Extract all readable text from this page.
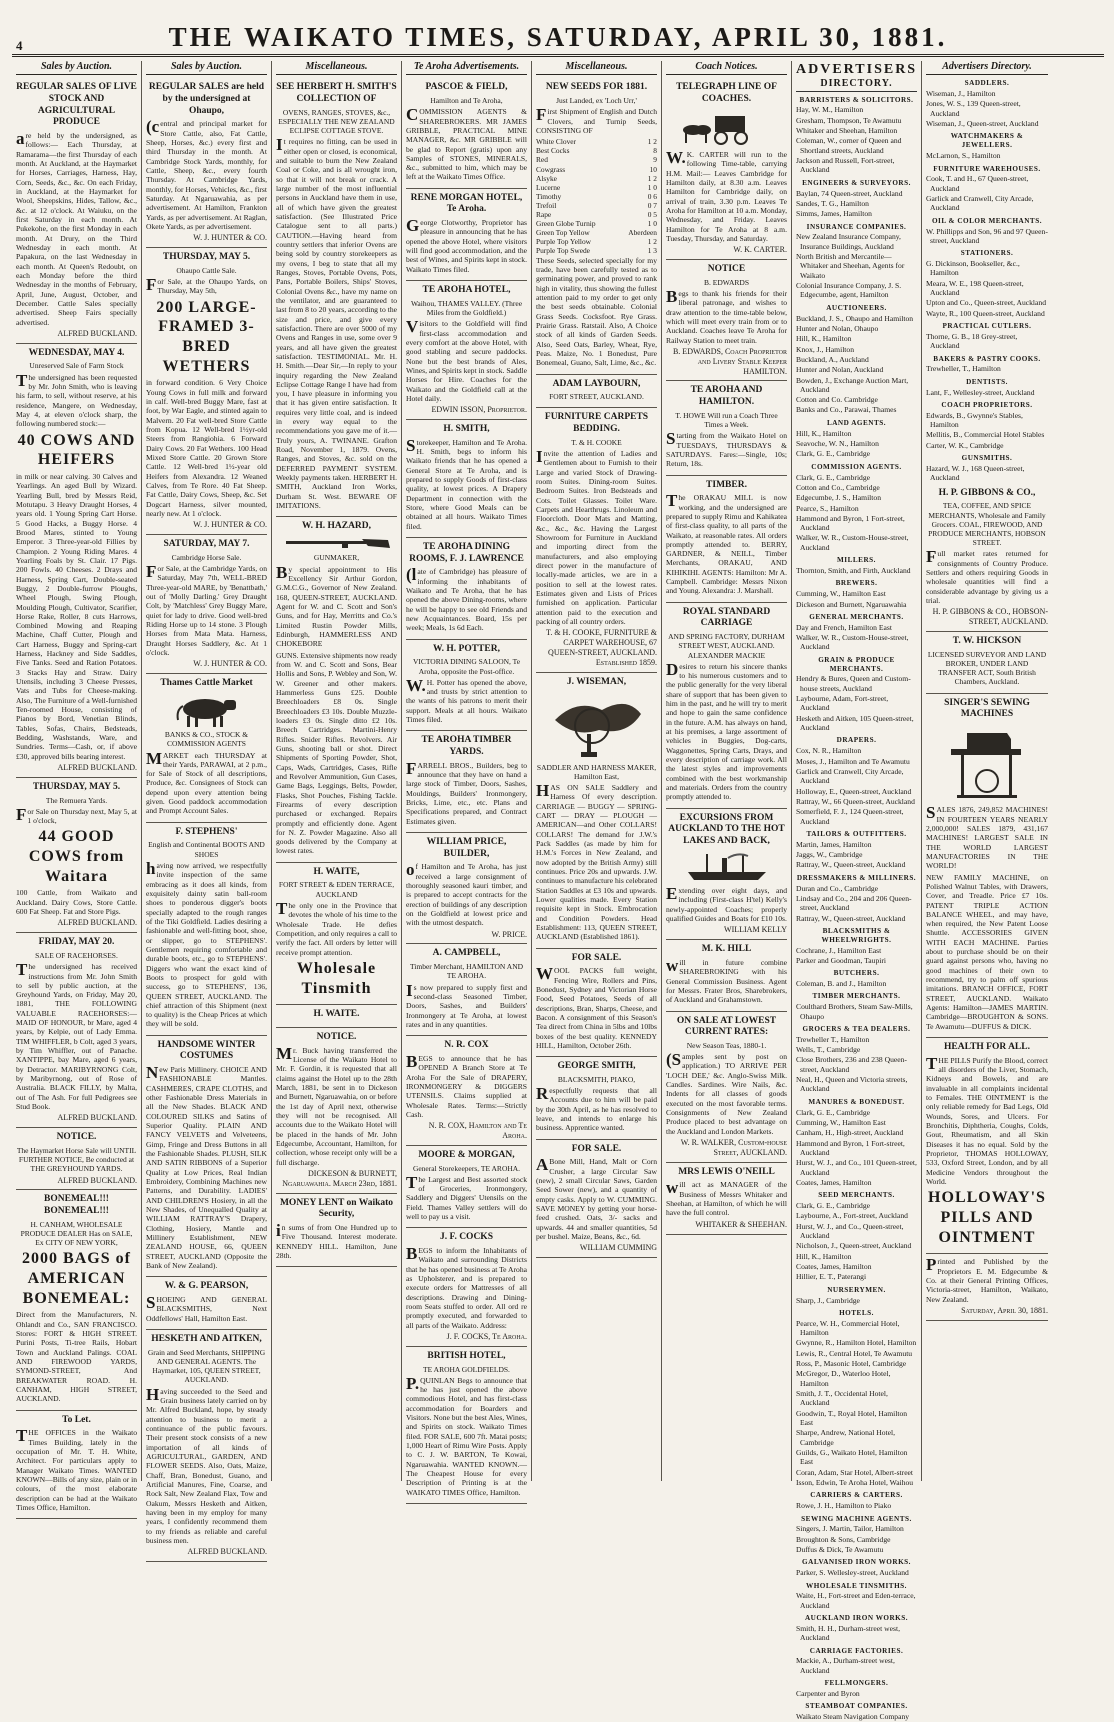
4	THE WAIKATO TIMES, SATURDAY, APRIL 30, 1881.
Sales by Auction.
REGULAR SALES OF LIVE STOCK AND AGRICULTURAL PRODUCE

are held by the undersigned, as follows:— Each Thursday, at Ramarama—the first Thursday of each month. At Auckland, at the Haymarket for Horses, Carriages, Harness, Hay, Corn, Seeds, &c., &c. On each Friday, in Auckland, at the Haymarket for Wool, Sheepskins, Hides, Tallow, &c., &c. at 12 o'clock. At Waiuku, on the first Saturday in each month. At Pukekohe, on the first Monday in each month. At Drury, on the Third Wednesday in each month. At Papakura, on the last Wednesday in each month. At Queen's Redoubt, on each Monday before the third Wednesday in the months of February, April, June, August, October, and December. Cattle Sales specially advertised. Sheep Fairs specially advertised.

ALFRED BUCKLAND.
WEDNESDAY, MAY 4.
Unreserved Sale of Farm Stock

The undersigned has been requested by Mr. John Smith, who is leaving his farm, to sell, without reserve, at his residence, Mangere, on Wednesday, May 4, at eleven o'clock sharp, the following numbered stock:—

40 COWS AND HEIFERS

in milk or near calving. 30 Calves and Yearlings. An aged Bull by Wizard. Yearling Bull, bred by Messrs Reid, Motutapu. 3 Heavy Draught Horses, 4 years old. 1 Young Spring Cart Horse. 5 Good Hacks, a Buggy Horse. 4 Brood Mares, stinted to Young Emperor. 3 Three-year-old Fillies by Champion. 2 Young Riding Mares. 4 Yearling Foals by St. Clair. 17 Pigs. 200 Fowls. 40 Cheeses. 2 Drays and Harness, Spring Cart, Double-seated Buggy, 2 Double-furrow Ploughs, Wheel Plough, Swing Plough, Moulding Plough, Cultivator, Scarifier, Horse Rake, Roller, 8 cuts Harrows, Combined Mowing and Reaping Machine, Chaff Cutter, Plough and Cart Harness, Buggy and Spring-cart Harness, Hackney and Side Saddles, Five Tanks. Seed and Ration Potatoes. 3 Stacks Hay and Straw. Dairy Utensils, including 3 Cheese Presses, Vats and Tubs for Cheese-making. Also, The Furniture of a Well-furnished Ten-roomed House, consisting of Pianos by Bord, Venetian Blinds, Tables, Sofas, Chairs, Bedsteads, Bedding, Washstands, Ware, and Sundries. Terms—Cash, or, if above £30, approved bills bearing interest.

ALFRED BUCKLAND.
THURSDAY, MAY 5.
The Remuera Yards.

For Sale on Thursday next, May 5, at 1 o'clock,

44 GOOD COWS from Waitara

100 Cattle, from Waikato and Auckland. Dairy Cows, Store Cattle. 600 Fat Sheep. Fat and Store Pigs.

ALFRED BUCKLAND.
FRIDAY, MAY 20.
SALE OF RACEHORSES.

The undersigned has received instructions from Mr. John Smith to sell by public auction, at the Greyhound Yards, on Friday, May 20, 1881, THE FOLLOWING VALUABLE RACEHORSES:— MAID OF HONOUR, br Mare, aged 4 years, by Kelpie, out of Lady Emma. TIM WHIFFLER, b Colt, aged 3 years, by Tim Whiffler, out of Panache. XANTIPPE, bay Mare, aged 6 years, by Detractor. MARIBYRNONG Colt, by Maribyrnong, out of Rose of Australia. BLACK FILLY, by Malta, out of The Ash. For full Pedigrees see Stud Book.

ALFRED BUCKLAND.
NOTICE.
The Haymarket Horse Sale will UNTIL FURTHER NOTICE, Be conducted at THE GREYHOUND YARDS.
ALFRED BUCKLAND.
BONEMEAL!!! BONEMEAL!!!
H. CANHAM, WHOLESALE PRODUCE DEALER Has on SALE, Ex CITY OF NEW YORK,
2000 BAGS of AMERICAN BONEMEAL:

Direct from the Manufacturers, N. Ohlandt and Co., SAN FRANCISCO. Stores: FORT & HIGH STREET. Purini Posts, Ti-tree Rails, Hobart Town and Auckland Palings. COAL AND FIREWOOD YARDS, SYMOND-STREET, And BREAKWATER ROAD. H. CANHAM, HIGH STREET, AUCKLAND.

To Let.

THE OFFICES in the Waikato Times Building, lately in the occupation of Mr. T. H. White, Architect. For particulars apply to Manager Waikato Times. WANTED KNOWN—Bills of any size, plain or in colours, of the most elaborate description can be had at the Waikato Times Office, Hamilton.

Sales by Auction.
REGULAR SALES are held by the undersigned at Ohaupo,

(central and principal market for Store Cattle, also, Fat Cattle, Sheep, Horses, &c.) every first and third Thursday in the month. At Cambridge Stock Yards, monthly, for Cattle, Sheep, &c., every fourth Thursday. At Cambridge Yards, monthly, for Horses, Vehicles, &c., first Saturday. At Ngaruawahia, as per advertisement. At Hamilton, Frankton Yards, as per advertisement. At Raglan, Okete Yards, as per advertisement.

W. J. HUNTER & CO.
THURSDAY, MAY 5.
Ohaupo Cattle Sale.

For Sale, at the Ohaupo Yards, on Thursday, May 5th,

200 LARGE-FRAMED 3-BRED WETHERS

in forward condition. 6 Very Choice Young Cows in full milk and forward in calf. Well-bred Buggy Mare, fast at foot, by War Eagle, and stinted again to Malvern. 20 Fat well-bred Store Cattle from Kopua. 12 Well-bred 1½yr-old Steers from Rangiohia. 6 Forward Dairy Cows. 20 Fat Wethers. 100 Head Mixed Store Cattle. 20 Grown Store Cattle. 12 Well-bred 1½-year old Heifers from Alexandra. 12 Weaned Calves, from Te Rore. 40 Fat Sheep. Fat Cattle, Dairy Cows, Sheep, &c. Set Dogcart Harness, silver mounted, nearly new. At 1 o'clock.

W. J. HUNTER & CO.
SATURDAY, MAY 7.
Cambridge Horse Sale.

For Sale, at the Cambridge Yards, on Saturday, May 7th, WELL-BRED Three-year-old MARE, by 'Benattbath,' out of 'Molly Darling.' Grey Draught Colt, by 'Matchless' Grey Buggy Mare, quiet for lady to drive. Good well-bred Riding Horse up to 14 stone. 3 Plough Horses from Mata Mata. Harness, Draught Horses Saddlery, &c. At 1 o'clock.

W. J. HUNTER & CO.
Thames Cattle Market
BANKS & CO., STOCK & COMMISSION AGENTS

MARKET each THURSDAY at their Yards, PARAWAI, at 2 p.m., for Sale of Stock of all descriptions, Produce, &c. Consignees of Stock can depend upon every attention being given. Good paddock accommodation and Prompt Account Sales.

F. STEPHENS'
English and Continental BOOTS AND SHOES

having now arrived, we respectfully invite inspection of the same embracing as it does all kinds, from exquisitely dainty satin ball-room shoes to ponderous digger's boots specially adapted to the rough ranges of the Tiki Goldfield. Ladies desiring a fashionable and well-fitting boot, shoe, or slipper, go to STEPHENS'. Gentlemen requiring comfortable and durable boots, etc., go to STEPHENS'. Diggers who want the exact kind of Boots to prospect for gold with success, go to STEPHENS', 136, QUEEN STREET, AUCKLAND. The chief attraction of this Shipment (next to quality) is the Cheap Prices at which they will be sold.

HANDSOME WINTER COSTUMES

New Paris Millinery. CHOICE AND FASHIONABLE Mantles. CASHMERES, CRAPE CLOTHS, and other Fashionable Dress Materials in all the New Shades. BLACK AND COLOURED SILKS and Satins of Superior Quality. PLAIN AND FANCY VELVETS and Velveteens, Gimp, Fringe and Dress Buttons in all the Fashionable Shades. PLUSH, SILK AND SATIN RIBBONS of a Superior Quality at Low Prices, Real Indian Embroidery, Combining Machines new Patterns, and Durability. LADIES' AND CHILDREN'S Hosiery, in all the New Shades, of Unequalled Quality at WILLIAM RATTRAY'S Drapery, Clothing, Hosiery, Mantle and Millinery Establishment, NEW ZEALAND HOUSE, 66, QUEEN STREET, AUCKLAND (Opposite the Bank of New Zealand).

W. & G. PEARSON,

SHOEING AND GENERAL BLACKSMITHS, Next Oddfellows' Hall, Hamilton East.

HESKETH AND AITKEN,
Grain and Seed Merchants, SHIPPING AND GENERAL AGENTS. The Haymarket, 105, QUEEN STREET, AUCKLAND.

Having succeeded to the Seed and Grain business lately carried on by Mr. Alfred Buckland, hope, by steady attention to business to merit a continuance of the public favours. Their present stock consists of a new importation of all kinds of AGRICULTURAL, GARDEN, AND FLOWER SEEDS. Also, Oats, Maize, Chaff, Bran, Bonedust, Guano, and Artificial Manures, Fine, Coarse, and Rock Salt, New Zealand Flax, Tow and Oakum, Messrs Hesketh and Aitken, having been in my employ for many years, I confidently recommend them to my friends as reliable and careful business men.

ALFRED BUCKLAND.
Miscellaneous.
SEE HERBERT H. SMITH'S COLLECTION OF
OVENS, RANGES, STOVES, &c., ESPECIALLY THE NEW ZEALAND ECLIPSE COTTAGE STOVE.

It requires no fitting, can be used in either open or closed, is economical, and suitable to burn the New Zealand Coal or Coke, and is all wrought iron, so that it will not break or crack. A large number of the most influential persons in Auckland have them in use, all of which have given the greatest satisfaction. (See Illustrated Price Catalogue sent to all parts.) CAUTION.—Having heard from country settlers that inferior Ovens are being sold by country storekeepers as my ovens, I beg to state that all my Ranges, Stoves, Portable Ovens, Pots, Pans, Portable Boilers, Ships' Stoves, Colonial Ovens &c., have my name on the ventilator, and are guaranteed to last from 8 to 20 years, according to the size and price, and give every satisfaction. There are over 5000 of my Ovens and Ranges in use, some over 9 years, and all have given the greatest satisfaction. TESTIMONIAL. Mr. H. H. Smith.—Dear Sir,—In reply to your inquiry regarding the New Zealand Eclipse Cottage Range I have had from you, I have pleasure in informing you that it has given entire satisfaction. It requires very little coal, and is indeed in every way equal to the recommendations you gave me of it.—Truly yours, A. TWINANE. Grafton Road, November 1, 1879. Ovens, Ranges, and Stoves, &c. sold on the DEFERRED PAYMENT SYSTEM. Weekly payments taken. HERBERT H. SMITH, Auckland Iron Works, Durham St. West. BEWARE OF IMITATIONS.

W. H. HAZARD,
GUNMAKER,

By special appointment to His Excellency Sir Arthur Gordon, G.M.C.G., Governor of New Zealand. 168, QUEEN-STREET, AUCKLAND. Agent for W. and C. Scott and Son's Guns, and for Hay, Merritts and Co.'s Limited Rustin Powder Mills, Edinburgh, HAMMERLESS AND CHOKEBORE

GUNS. Extensive shipments now ready from W. and C. Scott and Sons, Bear Hollis and Sons, P. Webley and Son, W. W. Greener and other makers. Hammerless Guns £25. Double Breechloaders £8 0s. Single Breechloaders £3 10s. Double Muzzle-loaders £3 0s. Single ditto £2 10s. Breech Cartridges. Martini-Henry Rifles. Snider Rifles. Revolvers. Air Guns, shooting ball or shot. Direct Shipments of Sporting Powder, Shot, Caps, Wads, Cartridges, Cases, Rifle and Revolver Ammunition, Gun Cases, Game Bags, Leggings, Belts, Powder, Flasks, Shot Pouches, Fishing Tackle. Firearms of every description purchased or exchanged. Repairs promptly and efficiently done. Agent for N. Z. Powder Magazine. Also all goods delivered by the Company at lowest rates.

H. WAITE,
FORT STREET & EDEN TERRACE, AUCKLAND

The only one in the Province that devotes the whole of his time to the Wholesale Trade. He defies Competition, and only requires a call to verify the fact. All orders by letter will receive prompt attention.

Wholesale Tinsmith
H. WAITE.
NOTICE.

Mr. Buck having transferred the License of the Waikato Hotel to Mr. F. Gordin, it is requested that all claims against the Hotel up to the 28th March, 1881, be sent in to Dickeson and Burnett, Ngaruawahia, on or before the 1st day of April next, otherwise they will not be recognised. All accounts due to the Waikato Hotel will be placed in the hands of Mr. John Edgecumbe, Accountant, Hamilton, for collection, whose receipt only will be a full discharge.

DICKESON & BURNETT, Ngaruawahia. March 23rd, 1881.
MONEY LENT on Waikato Security,

in sums of from One Hundred up to Five Thousand. Interest moderate. KENNEDY HILL. Hamilton, June 28th.

Te Aroha Advertisements.
PASCOE & FIELD,
Hamilton and Te Aroha,

COMMISSION AGENTS & SHAREBROKERS. MR JAMES GRIBBLE, PRACTICAL MINE MANAGER, &c. MR GRIBBLE will be glad to Report (gratis) upon any Samples of STONES, MINERALS, &c., submitted to him, which may be left at the Waikato Times Office.

RENE MORGAN HOTEL, Te Aroha.

George Clotworthy, Proprietor has pleasure in announcing that he has opened the above Hotel, where visitors will find good accommodation, and the best of Wines, and Spirits kept in stock. Waikato Times filed.

TE AROHA HOTEL,
Waihou, THAMES VALLEY. (Three Miles from the Goldfield.)

Visitors to the Goldfield will find first-class accommodation and every comfort at the above Hotel, with good stabling and secure paddocks. None but the best brands of Ales, Wines, and Spirits kept in stock. Saddle Horses for Hire. Coaches for the Waikato and the Goldfield call at the Hotel daily.

EDWIN ISSON, Proprietor.
H. SMITH,

Storekeeper, Hamilton and Te Aroha. H. Smith, begs to inform his Waikato friends that he has opened a General Store at Te Aroha, and is prepared to supply Goods of first-class quality, at lowest prices. A Drapery Department in connection with the Store, where Good Meals can be obtained at all hours. Waikato Times filed.

TE AROHA DINING ROOMS, F. J. LAWRENCE

(late of Cambridge) has pleasure of informing the inhabitants of Waikato and Te Aroha, that he has opened the above Dining-rooms, where he will be happy to see old Friends and new Acquaintances. Board, 15s per week; Meals, 1s 6d Each.

W. H. POTTER,
VICTORIA DINING SALOON, Te Aroha, opposite the Post-office.

W.H. Potter has opened the above, and trusts by strict attention to the wants of his patrons to merit their support. Meals at all hours. Waikato Times filed.

TE AROHA TIMBER YARDS.

FARRELL BROS., Builders, beg to announce that they have on hand a large stock of Timber, Doors, Sashes, Mouldings, Builders' Ironmongery, Bricks, Lime, etc., etc. Plans and Specifications prepared, and Contract Estimates given.

WILLIAM PRICE, BUILDER,

of Hamilton and Te Aroha, has just received a large consignment of thoroughly seasoned kauri timber, and is prepared to accept contracts for the erection of buildings of any description on the Goldfield at lowest price and with the utmost despatch.

W. PRICE.
A. CAMPBELL,
Timber Merchant, HAMILTON AND TE AROHA.

Is now prepared to supply first and second-class Seasoned Timber, Doors, Sashes, and Builders' Ironmongery at Te Aroha, at lowest rates and in any quantities.

N. R. COX

BEGS to announce that he has OPENED A Branch Store at Te Aroha For the Sale of DRAPERY, IRONMONGERY & DIGGERS UTENSILS. Claims supplied at Wholesale Rates. Terms:—Strictly Cash.

N. R. COX, Hamilton and Te Aroha.
MOORE & MORGAN,
General Storekeepers, TE AROHA.

The Largest and Best assorted stock of Groceries, Ironmongery, Saddlery and Diggers' Utensils on the Field. Thames Valley settlers will do well to pay us a visit.

J. F. COCKS

BEGS to inform the Inhabitants of Waikato and surrounding Districts that he has opened business at Te Aroha as Upholsterer, and is prepared to execute orders for Mattresses of all descriptions. Drawing and Dining-room Seats stuffed to order. All ord re promptly executed, and forwarded to all parts of the Waikato. Address:

J. F. COCKS, Te Aroha.
BRITISH HOTEL,
TE AROHA GOLDFIELDS.

P.QUINLAN Begs to announce that he has just opened the above commodious Hotel, and has first-class accommodation for Boarders and Visitors. None but the best Ales, Wines, and Spirits on stock. Waikato Times filed. FOR SALE, 600 7ft. Matai posts; 1,000 Heart of Rimu Wire Posts. Apply to C. J. W. BARTON, Te Kowai, Ngaruawahia. WANTED KNOWN.—The Cheapest House for every Description of Printing is at the WAIKATO TIMES Office, Hamilton.

Miscellaneous.
NEW SEEDS FOR 1881.
Just Landed, ex 'Loch Urr,'

First Shipment of English and Dutch Clovers, and Turnip Seeds, CONSISTING OF

White Clover	1 2
Best Cocks	8
Red	9
Cowgrass	10
Alsyke	1 2
Lucerne	1 0
Timothy	0 6
Trefoil	0 7
Rape	0 5
Green Globe Turnip	1 0
Green Top Yellow	Aberdeen
Purple Top Yellow	1 2
Purple Top Swede	1 3

These Seeds, selected specially for my trade, have been carefully tested as to germinating power, and proved to rank high in vitality, thus showing the fullest attention paid to my order to get only the best seeds obtainable. Colonial Grass Seeds. Cocksfoot. Rye Grass. Prairie Grass. Ratstail. Also, A Choice stock of all kinds of Garden Seeds. Also, Seed Oats, Barley, Wheat, Rye, Peas. Maize, No. 1 Bonedust, Pure Bonemeal, Guano, Salt, Lime, &c., &c.

ADAM LAYBOURN,
FORT STREET, AUCKLAND.
FURNITURE CARPETS BEDDING.
T. & H. COOKE

Invite the attention of Ladies and Gentlemen about to Furnish to their Large and varied Stock of Drawing-room Suites. Dining-room Suites. Bedroom Suites. Iron Bedsteads and Cots. Toilet Glasses. Toilet Ware. Carpets and Hearthrugs. Linoleum and Floorcloth. Door Mats and Matting, &c., &c., &c. Having the Largest Showroom for Furniture in Auckland and importing direct from the manufacturers, and also employing direct power in the manufacture of locally-made articles, we are in a position to sell at the lowest rates. Estimates given and Lists of Prices furnished on application. Particular attention paid to the execution and packing of all country orders.

T. & H. COOKE, FURNITURE & CARPET WAREHOUSE, 67 QUEEN-STREET, AUCKLAND. Established 1859.
J. WISEMAN,
SADDLER AND HARNESS MAKER, Hamilton East,

HAS ON SALE Saddlery and Harness Of every description. CARRIAGE — BUGGY — SPRING-CART — DRAY — PLOUGH — AMERICAN—and Other COLLARS! COLLARS! The demand for J.W.'s Pack Saddles (as made by him for H.M.'s Forces in New Zealand, and now adopted by the British Army) still continues. Price 20s and upwards. J.W. continues to manufacture his celebrated Station Saddles at £3 10s and upwards. Lower qualities made. Every Station requisite kept in Stock. Embrocation and Condition Powders. Head Establishment: 113, QUEEN STREET, AUCKLAND (Established 1861).

FOR SALE.

WOOL PACKS full weight, Fencing Wire, Rollers and Pins, Bonedust, Sydney and Victorian Horse Food, Seed Potatoes, Seeds of all descriptions, Bran, Sharps, Cheese, and Bacon. A consignment of this Season's Tea direct from China in 5lbs and 10lbs boxes of the best quality. KENNEDY HILL, Hamilton, October 26th.

GEORGE SMITH,
BLACKSMITH, PIAKO,

Respectfully requests that all Accounts due to him will be paid by the 30th April, as he has resolved to leave, and intends to enlarge his business. Apprentice wanted.

FOR SALE.

ABone Mill, Hand, Malt or Corn Crusher, a large Circular Saw (new), 2 small Circular Saws, Garden Seed Sower (new), and a quantity of empty casks. Apply to W. CUMMING. SAVE MONEY by getting your horse-feed crushed. Oats, 3/- sacks and upwards. 44 and smaller quantities, 5d per bushel. Maize, Beans, &c., 6d.

WILLIAM CUMMING
Coach Notices.
TELEGRAPH LINE OF COACHES.

W.K. CARTER will run to the following Time-table, carrying H.M. Mail:— Leaves Cambridge for Hamilton daily, at 8.30 a.m. Leaves Hamilton for Cambridge daily, on arrival of train, 3.30 p.m. Leaves Te Aroha for Hamilton at 10 a.m. Monday, Wednesday, and Friday. Leaves Hamilton for Te Aroha at 8 a.m. Tuesday, Thursday, and Saturday.

W. K. CARTER.
NOTICE
B. EDWARDS

Begs to thank his friends for their liberal patronage, and wishes to draw attention to the time-table below, which will meet every train from or to Auckland. Coaches leave Te Aroha for Railway Station to meet train.

B. EDWARDS, Coach Proprietor and Livery Stable Keeper HAMILTON.
TE AROHA AND HAMILTON.
T. HOWE Will run a Coach Three Times a Week.

Starting from the Waikato Hotel on TUESDAYS, THURSDAYS & SATURDAYS. Fares:—Single, 10s; Return, 18s.

TIMBER.

The ORAKAU MILL is now working, and the undersigned are prepared to supply Rimu and Kahikatea of first-class quality, to all parts of the Waikato, at reasonable rates. All orders promptly attended to. BERRY, GARDNER, & NEILL, Timber Merchants, ORAKAU, AND KIHIKIHI. AGENTS: Hamilton: Mr A. Campbell. Cambridge: Messrs Nixon and Young. Alexandra: J. Marshall.

ROYAL STANDARD CARRIAGE
AND SPRING FACTORY, DURHAM STREET WEST, AUCKLAND. ALEXANDER MACKIE

Desires to return his sincere thanks to his numerous customers and to the public generally for the very liberal share of support that has been given to him in the past, and he will try to merit and hope to gain the same confidence in the future. A.M. has always on hand, at his premises, a large assortment of vehicles in Buggies, Dog-carts, Waggonettes, Spring Carts, Drays, and every description of carriage work. All the latest styles and improvements combined with the best workmanship and materials. Orders from the country promptly attended to.

EXCURSIONS FROM AUCKLAND TO THE HOT LAKES AND BACK,

Extending over eight days, and including (First-class H'tel) Kelly's newly-appointed Coaches; properly qualified Guides and Boats for £10 10s.

WILLIAM KELLY
M. K. HILL

will in future combine SHAREBROKING with his General Commission Business. Agent for Messrs. Frater Bros, Sharebrokers, of Auckland and Grahamstown.

ON SALE AT LOWEST CURRENT RATES:
New Season Teas, 1880-1.

(Samples sent by post on application.) TO ARRIVE PER 'LOCH DEE,' &c. Anglo-Swiss Milk. Candles. Sardines. Wire Nails, &c. Indents for all classes of goods executed on the most favorable terms. Consignments of New Zealand Produce placed to best advantage on the Auckland and London Markets.

W. R. WALKER, Custom-house Street, AUCKLAND.
MRS LEWIS O'NEILL

will act as MANAGER of the Business of Messrs Whitaker and Sheehan, at Hamilton, of which he will have the full control.

WHITAKER & SHEEHAN.
ADVERTISERS
DIRECTORY.
BARRISTERS & SOLICITORS.
Hay, W. M., Hamilton
Gresham, Thompson, Te Awamutu
Whitaker and Sheehan, Hamilton
Coleman, W., corner of Queen and Shortland streets, Auckland
Jackson and Russell, Fort-street, Auckland
ENGINEERS & SURVEYORS.
Baylan, 74 Queen-street, Auckland
Sandes, T. G., Hamilton
Simms, James, Hamilton
INSURANCE COMPANIES.
New Zealand Insurance Company, Insurance Buildings, Auckland
North British and Mercantile—Whitaker and Sheehan, Agents for Waikato
Colonial Insurance Company, J. S. Edgecumbe, agent, Hamilton
AUCTIONEERS.
Buckland, J. S., Ohaupo and Hamilton
Hunter and Nolan, Ohaupo
Hill, K., Hamilton
Knox, J., Hamilton
Buckland, A., Auckland
Hunter and Nolan, Auckland
Bowden, J., Exchange Auction Mart, Auckland
Cotton and Co. Cambridge
Banks and Co., Parawai, Thames
LAND AGENTS.
Hill, K., Hamilton
Seavoche, W. N., Hamilton
Clark, G. E., Cambridge
COMMISSION AGENTS.
Clark, G. E., Cambridge
Cotton and Co., Cambridge
Edgecumbe, J. S., Hamilton
Pearce, S., Hamilton
Hammond and Byron, 1 Fort-street, Auckland
Walker, W. R., Custom-House-street, Auckland
MILLERS.
Thornton, Smith, and Firth, Auckland
BREWERS.
Cumming, W., Hamilton East
Dickeson and Burnett, Ngaruawahia
GENERAL MERCHANTS.
Day and French, Hamilton East
Walker, W. R., Custom-House-street, Auckland
GRAIN & PRODUCE MERCHANTS.
Hendry & Bures, Queen and Custom-house streets, Auckland
Laybourne, Adam, Fort-street, Auckland
Hesketh and Aitken, 105 Queen-street, Auckland
DRAPERS.
Cox, N. R., Hamilton
Moses, J., Hamilton and Te Awamutu
Garlick and Cranwell, City Arcade, Auckland
Holloway, E., Queen-street, Auckland
Rattray, W., 66 Queen-street, Auckland
Somerfield, F. J., 124 Queen-street, Auckland
TAILORS & OUTFITTERS.
Martin, James, Hamilton
Jaggs, W., Cambridge
Rattray, W., Queen-street, Auckland
DRESSMAKERS & MILLINERS.
Duran and Co., Cambridge
Lindsay and Co., 204 and 206 Queen-street, Auckland
Rattray, W., Queen-street, Auckland
BLACKSMITHS & WHEELWRIGHTS.
Cochrane, J., Hamilton East
Parker and Goodman, Taupiri
BUTCHERS.
Coleman, B. and J., Hamilton
TIMBER MERCHANTS.
Coulthard Brothers, Steam Saw-Mills, Ohaupo
GROCERS & TEA DEALERS.
Trewheller T., Hamilton
Wells, T., Cambridge
Close Brothers, 236 and 238 Queen-street, Auckland
Neal, H., Queen and Victoria streets, Auckland
MANURES & BONEDUST.
Clark, G. E., Cambridge
Cumming, W., Hamilton East
Canham, H., High-street, Auckland
Hammond and Byron, 1 Fort-street, Auckland
Hurst, W. J., and Co., 101 Queen-street, Auckland
Coates, James, Hamilton
SEED MERCHANTS.
Clark, G. E., Cambridge
Laybourne, A., Fort-street, Auckland
Hurst, W. J., and Co., Queen-street, Auckland
Nicholson, J., Queen-street, Auckland
Hill, K., Hamilton
Coates, James, Hamilton
Hillier, E. T., Paterangi
NURSERYMEN.
Sharp, J., Cambridge
HOTELS.
Pearce, W. H., Commercial Hotel, Hamilton
Gwynne, R., Hamilton Hotel, Hamilton
Lewis, R., Central Hotel, Te Awamutu
Ross, P., Masonic Hotel, Cambridge
McGregor, D., Waterloo Hotel, Hamilton
Smith, J. T., Occidental Hotel, Auckland
Goodwin, T., Royal Hotel, Hamilton East
Sharpe, Andrew, National Hotel, Cambridge
Guilds, G., Waikato Hotel, Hamilton East
Coran, Adam, Star Hotel, Albert-street
Isson, Edwin, Te Aroha Hotel, Waihou
CARRIERS & CARTERS.
Rowe, J. H., Hamilton to Piako
SEWING MACHINE AGENTS.
Singers, J. Martin, Tailor, Hamilton
Broughton & Sons, Cambridge
Duffus & Dick, Te Awamutu
GALVANISED IRON WORKS.
Parker, S. Wellesley-street, Auckland
WHOLESALE TINSMITHS.
Waite, H., Fort-street and Eden-terrace, Auckland
AUCKLAND IRON WORKS.
Smith, H. H., Durham-street west, Auckland
CARRIAGE FACTORIES.
Mackie, A., Durham-street west, Auckland
FELLMONGERS.
Carpenter and Byron
STEAMBOAT COMPANIES.
Waikato Steam Navigation Company
Advertisers Directory.
SADDLERS.
Wiseman, J., Hamilton
Jones, W. S., 139 Queen-street, Auckland
Wiseman, J., Queen-street, Auckland
WATCHMAKERS & JEWELLERS.
McLarnon, S., Hamilton
FURNITURE WAREHOUSES.
Cook, T. and H., 67 Queen-street, Auckland
Garlick and Cranwell, City Arcade, Auckland
OIL & COLOR MERCHANTS.
W. Phillipps and Son, 96 and 97 Queen-street, Auckland
STATIONERS.
G. Dickinson, Bookseller, &c., Hamilton
Meara, W. E., 198 Queen-street, Auckland
Upton and Co., Queen-street, Auckland
Wayte, R., 100 Queen-street, Auckland
PRACTICAL CUTLERS.
Thorne, G. B., 18 Grey-street, Auckland
BAKERS & PASTRY COOKS.
Trewheller, T., Hamilton
DENTISTS.
Lant, F., Wellesley-street, Auckland
COACH PROPRIETORS.
Edwards, B., Gwynne's Stables, Hamilton
Mellitis, B., Commercial Hotel Stables
Carter, W. K., Cambridge
GUNSMITHS.
Hazard, W. J., 168 Queen-street, Auckland
H. P. GIBBONS & CO.,
TEA, COFFEE, AND SPICE MERCHANTS, Wholesale and Family Grocers. COAL, FIREWOOD, AND PRODUCE MERCHANTS, HOBSON STREET.

Full market rates returned for consignments of Country Produce. Settlers and others requiring Goods in wholesale quantities will find a considerable advantage by giving us a trial.

H. P. GIBBONS & CO., HOBSON-STREET, AUCKLAND.
T. W. HICKSON
LICENSED SURVEYOR AND LAND BROKER, UNDER LAND TRANSFER ACT, South British Chambers, Auckland.
SINGER'S SEWING MACHINES

SALES 1876, 249,852 MACHINES! IN FOURTEEN YEARS NEARLY 2,000,000! SALES 1879, 431,167 MACHINES! LARGEST SALE IN THE WORLD LARGEST MANUFACTORIES IN THE WORLD!

NEW FAMILY MACHINE, on Polished Walnut Tables, with Drawers, Cover, and Treadle. Price £7 10s. PATENT TRIPLE ACTION BALANCE WHEEL, and may have, when required, the New Patent Loose Shuttle. ACCESSORIES GIVEN WITH EACH MACHINE. Parties about to purchase should be on their guard against persons who, having no good machines of their own to recommend, try to palm off spurious imitations. BRANCH OFFICE, FORT STREET, AUCKLAND. Waikato Agents: Hamilton—JAMES MARTIN. Cambridge—BROUGHTON & SONS. Te Awamutu—DUFFUS & DICK.

HEALTH FOR ALL.

THE PILLS Purify the Blood, correct all disorders of the Liver, Stomach, Kidneys and Bowels, and are invaluable in all complaints incidental to Females. THE OINTMENT is the only reliable remedy for Bad Legs, Old Wounds, Sores, and Ulcers. For Bronchitis, Diphtheria, Coughs, Colds, Gout, Rheumatism, and all Skin Diseases it has no equal. Sold by the Proprietor, THOMAS HOLLOWAY, 533, Oxford Street, London, and by all Medicine Vendors throughout the World.

HOLLOWAY'S PILLS AND OINTMENT

Printed and Published by the Proprietors E. M. Edgecumbe & Co. at their General Printing Offices, Victoria-street, Hamilton, Waikato, New Zealand.

Saturday, April 30, 1881.
